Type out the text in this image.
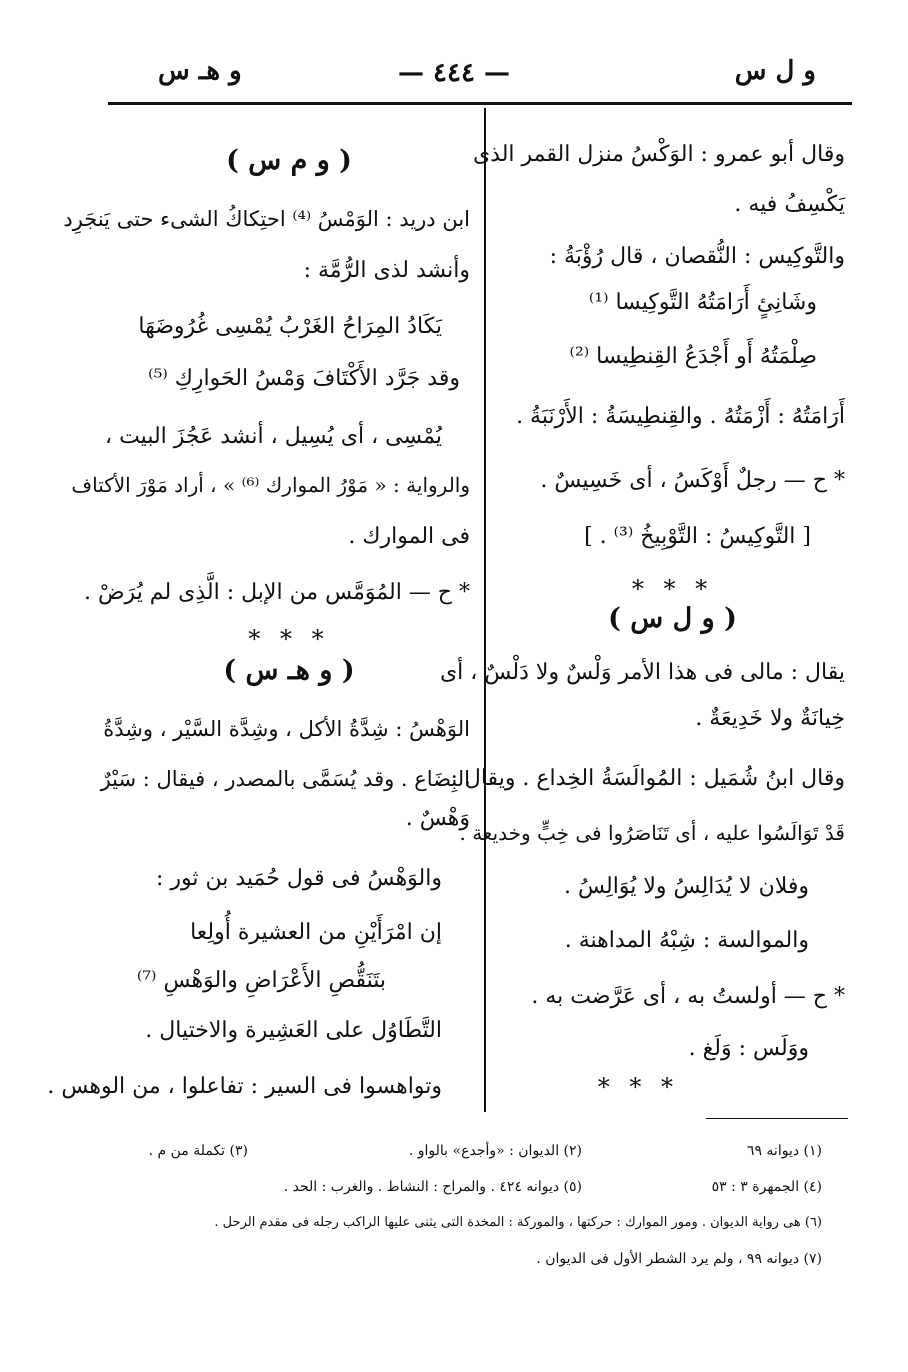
و ل س
— ٤٤٤ —
و هـ س
وقال أبو عمرو : الوَكْسُ منزل القمر الذى
يَكْسِفُ فيه .
والتَّوكِيس : النُّقصان ، قال رُؤْبَةُ :
وشَانِئٍ أَرَامَتُهُ التَّوكِيسا ⁽¹⁾
صِلْمَتُهُ أَو أَجْدَعُ القِنطِيسا ⁽²⁾
أَرَامَتُهُ : أَزْمَتُهُ . والقِنطِيسَةُ : الأَرْنَبَةُ .
* ح — رجلٌ أَوْكَسُ ، أى خَسِيسٌ .
[ التَّوكِيسُ : التَّوْبِيخُ ⁽³⁾ . ]
* * *
( و ل س )
يقال : مالى فى هذا الأمر وَلْسٌ ولا دَلْسٌ ، أى
خِيانَةٌ ولا خَدِيعَةٌ .
وقال ابنُ شُمَيل : المُوالَسَةُ الخِداع . ويقال :
قَدْ تَوَالَسُوا عليه ، أى تَنَاصَرُوا فى خِبٍّ وخديعة .
وفلان لا يُدَالِسُ ولا يُوَالِسُ .
والموالسة : شِبْهُ المداهنة .
* ح — أولستُ به ، أى عَرَّضت به .
ووَلَس : وَلَغ .
* * *
( و م س )
ابن دريد : الوَمْسُ ⁽⁴⁾ احتِكاكُ الشىء حتى يَنجَرِد
وأنشد لذى الرُّمَّة :
يَكَادُ المِرَاحُ الغَرْبُ يُمْسِى غُرُوضَهَا
وقد جَرَّد الأَكْتَافَ وَمْسُ الحَوارِكِ ⁽⁵⁾
يُمْسِى ، أى يُسِيل ، أنشد عَجُزَ البيت ،
والرواية : « مَوْرُ الموارك ⁽⁶⁾ » ، أراد مَوْرَ الأكتاف
فى الموارك .
* ح — المُوَمَّس من الإبل : الَّذِى لم يُرَضْ .
* * *
( و هـ س )
الوَهْسُ : شِدَّةُ الأكل ، وشِدَّة السَّيْر ، وشِدَّةُ
البِضَاع . وقد يُسَمَّى بالمصدر ، فيقال : سَيْرٌ
وَهْسٌ .
والوَهْسُ فى قول حُمَيد بن ثور :
إن امْرَأَيْنِ من العشيرة أُولِعا
بتَنَقُّصِ الأَعْرَاضِ والوَهْسِ ⁽⁷⁾
التَّطَاوُل على العَشِيرة والاختيال .
وتواهسوا فى السير : تفاعلوا ، من الوهس .
(١) ديوانه ٦٩
(٢) الديوان : «وأجدع» بالواو .
(٣) تكملة من م .
(٤) الجمهرة ٣ : ٥٣
(٥) ديوانه ٤٢٤ . والمراح : النشاط . والغرب : الحد .
(٦) هى رواية الديوان . ومور الموارك : حركتها ، والموركة : المخدة التى يثنى عليها الراكب رجله فى مقدم الرحل .
(٧) ديوانه ٩٩ ، ولم يرد الشطر الأول فى الديوان .
